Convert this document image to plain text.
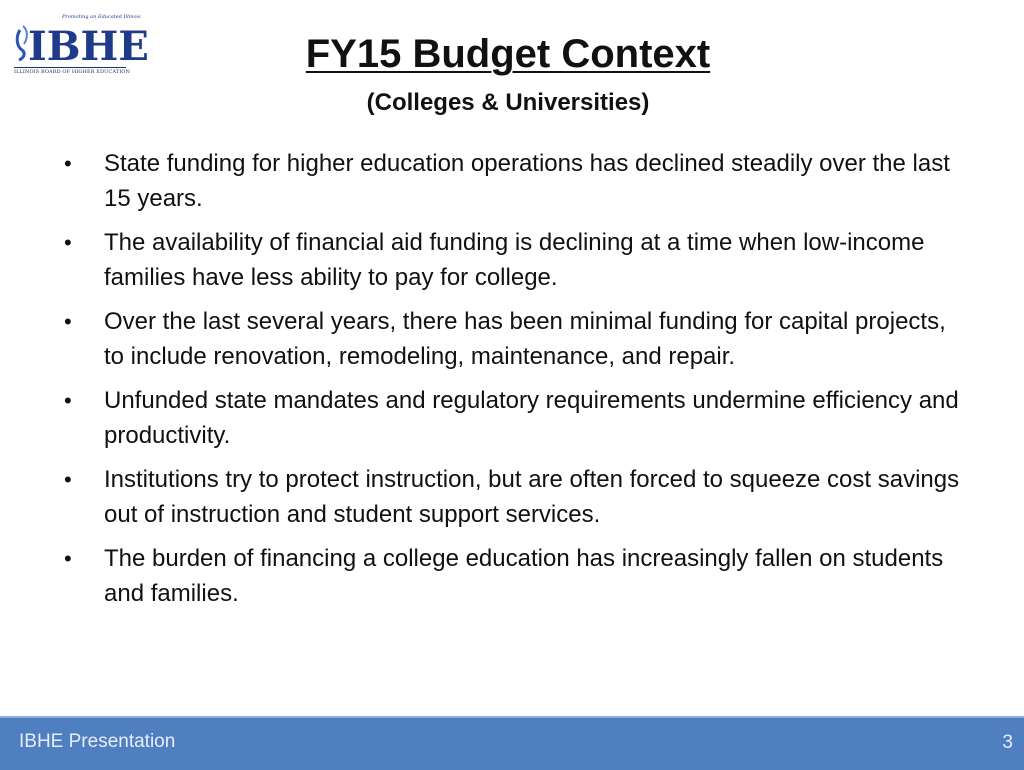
Promoting an Educated Illinois
IBHE
ILLINOIS BOARD OF HIGHER EDUCATION	FY15 Budget Context
(Colleges & Universities)
• State funding for higher education operations has declined steadily over the last 15 years.
• The availability of financial aid funding is declining at a time when low-income families have less ability to pay for college.
• Over the last several years, there has been minimal funding for capital projects, to include renovation, remodeling, maintenance, and repair.
• Unfunded state mandates and regulatory requirements undermine efficiency and productivity.
• Institutions try to protect instruction, but are often forced to squeeze cost savings out of instruction and student support services.
• The burden of financing a college education has increasingly fallen on students and families.
IBHE Presentation	3
